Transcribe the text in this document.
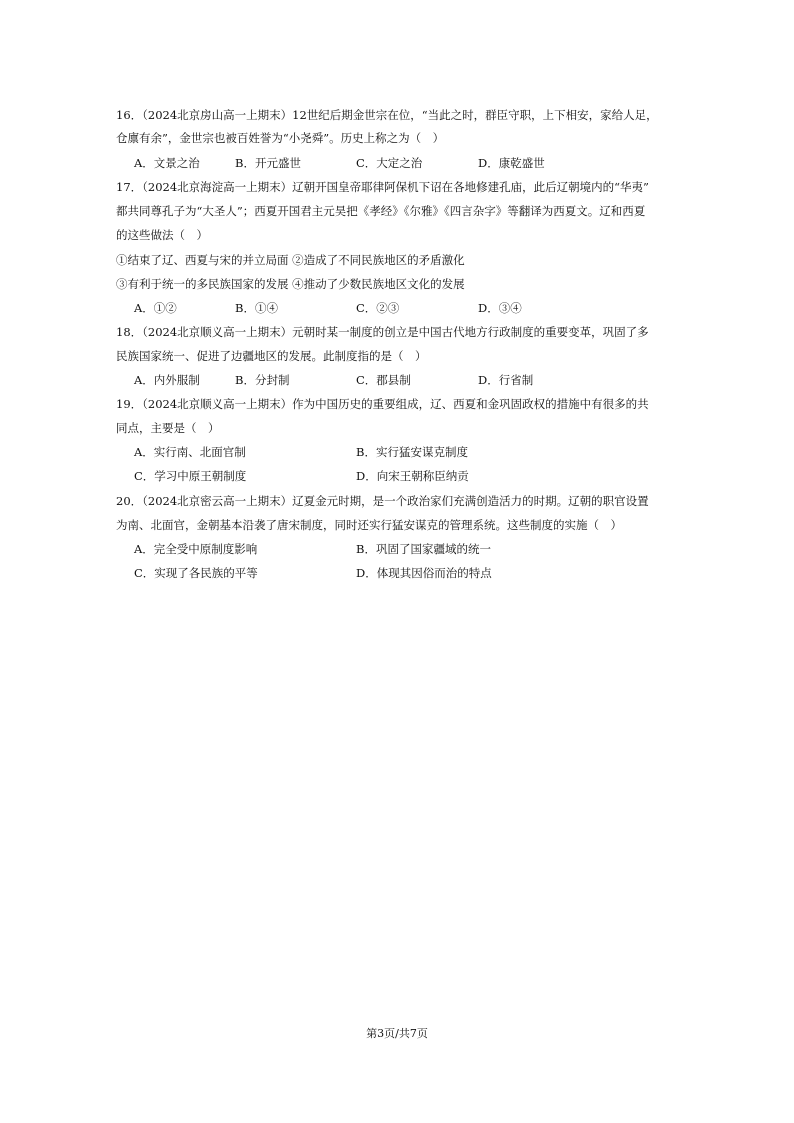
16．（2024北京房山高一上期末）12世纪后期金世宗在位，“当此之时，群臣守职，上下相安，家给人足，
仓廪有余”，金世宗也被百姓誉为“小尧舜”。历史上称之为（　）
A．文景之治	B．开元盛世	C．大定之治	D．康乾盛世
17．（2024北京海淀高一上期末）辽朝开国皇帝耶律阿保机下诏在各地修建孔庙，此后辽朝境内的“华夷”
都共同尊孔子为“大圣人”；西夏开国君主元昊把《孝经》《尔雅》《四言杂字》等翻译为西夏文。辽和西夏
的这些做法（　）
①结束了辽、西夏与宋的并立局面 ②造成了不同民族地区的矛盾激化
③有利于统一的多民族国家的发展 ④推动了少数民族地区文化的发展
A．①②	B．①④	C．②③	D．③④
18．（2024北京顺义高一上期末）元朝时某一制度的创立是中国古代地方行政制度的重要变革，巩固了多
民族国家统一、促进了边疆地区的发展。此制度指的是（　）
A．内外服制	B．分封制	C．郡县制	D．行省制
19．（2024北京顺义高一上期末）作为中国历史的重要组成，辽、西夏和金巩固政权的措施中有很多的共
同点，主要是（　）
A．实行南、北面官制	B．实行猛安谋克制度
C．学习中原王朝制度	D．向宋王朝称臣纳贡
20．（2024北京密云高一上期末）辽夏金元时期，是一个政治家们充满创造活力的时期。辽朝的职官设置
为南、北面官，金朝基本沿袭了唐宋制度，同时还实行猛安谋克的管理系统。这些制度的实施（　）
A．完全受中原制度影响	B．巩固了国家疆域的统一
C．实现了各民族的平等	D．体现其因俗而治的特点
第3页/共7页
